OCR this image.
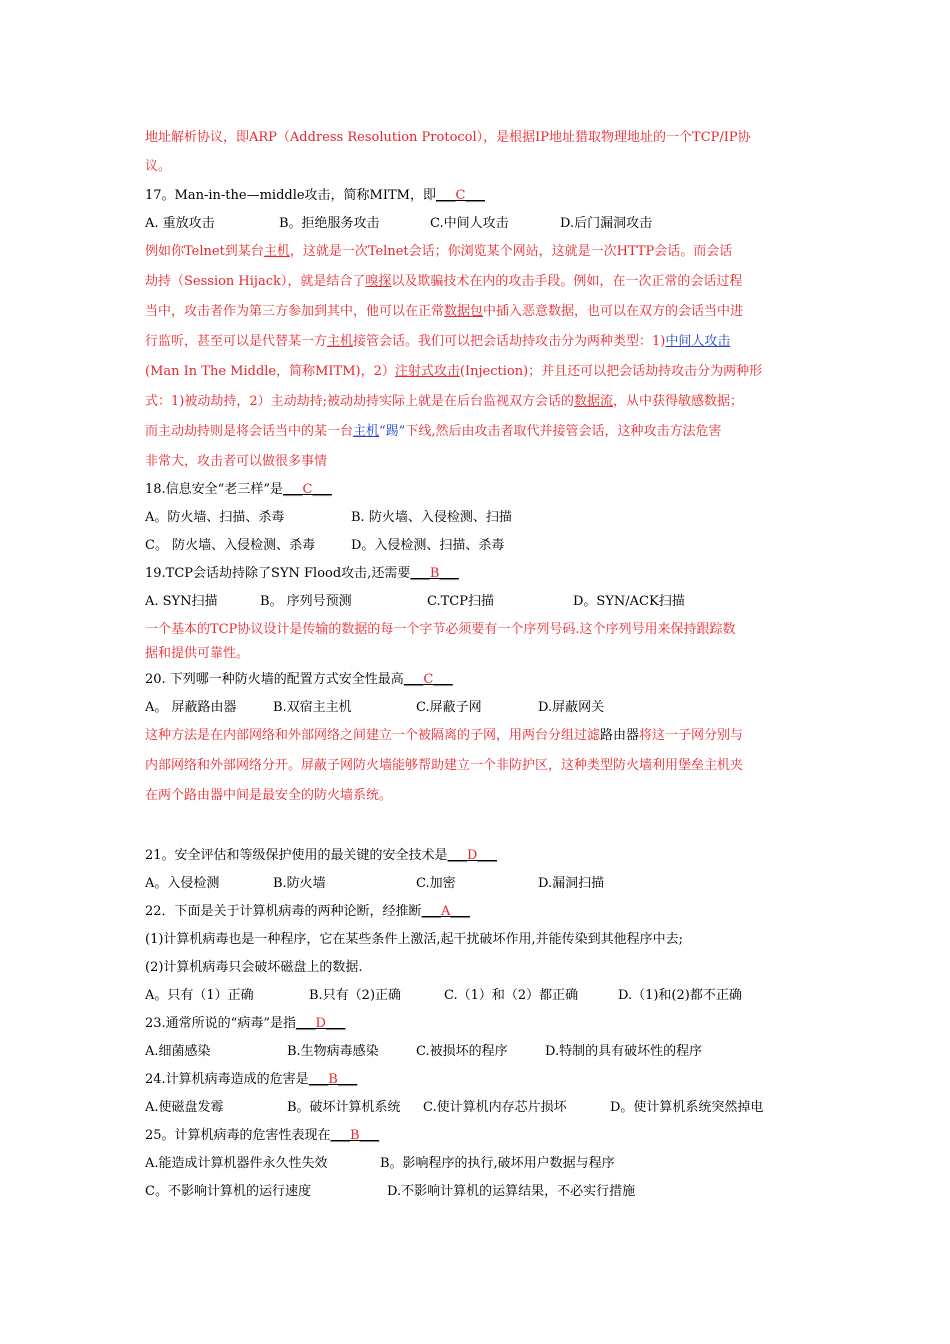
地址解析协议，即ARP（Address Resolution Protocol），是根据IP地址猎取物理地址的一个TCP/IP协
议。
17。Man-in-the—middle攻击，简称MITM，即___C___
A. 重放攻击	B。拒绝服务攻击	C.中间人攻击	D.后门漏洞攻击
例如你Telnet到某台主机，这就是一次Telnet会话；你浏览某个网站，这就是一次HTTP会话。而会话
劫持（Session Hijack），就是结合了嗅探以及欺骗技术在内的攻击手段。例如，在一次正常的会话过程
当中，攻击者作为第三方参加到其中，他可以在正常数据包中插入恶意数据，也可以在双方的会话当中进
行监听，甚至可以是代替某一方主机接管会话。我们可以把会话劫持攻击分为两种类型：1)中间人攻击
(Man In The Middle，简称MITM)，2）注射式攻击(Injection)；并且还可以把会话劫持攻击分为两种形
式：1)被动劫持，2）主动劫持;被动劫持实际上就是在后台监视双方会话的数据流，从中获得敏感数据；
而主动劫持则是将会话当中的某一台主机“踢”下线,然后由攻击者取代并接管会话，这种攻击方法危害
非常大，攻击者可以做很多事情
18.信息安全“老三样”是___C___
A。防火墙、扫描、杀毒	B. 防火墙、入侵检测、扫描
C。 防火墙、入侵检测、杀毒	D。入侵检测、扫描、杀毒
19.TCP会话劫持除了SYN Flood攻击,还需要___B___
A. SYN扫描	B。 序列号预测	C.TCP扫描	D。SYN/ACK扫描
一个基本的TCP协议设计是传输的数据的每一个字节必须要有一个序列号码.这个序列号用来保持跟踪数
据和提供可靠性。
20. 下列哪一种防火墙的配置方式安全性最高___C___
A。 屏蔽路由器	B.双宿主主机	C.屏蔽子网	D.屏蔽网关
这种方法是在内部网络和外部网络之间建立一个被隔离的子网，用两台分组过滤路由器将这一子网分别与
内部网络和外部网络分开。屏蔽子网防火墙能够帮助建立一个非防护区，这种类型防火墙利用堡垒主机夹
在两个路由器中间是最安全的防火墙系统。
21。安全评估和等级保护使用的最关键的安全技术是___D___
A。入侵检测	B.防火墙	C.加密	D.漏洞扫描
22．下面是关于计算机病毒的两种论断，经推断___A___
(1)计算机病毒也是一种程序，它在某些条件上激活,起干扰破坏作用,并能传染到其他程序中去;
(2)计算机病毒只会破坏磁盘上的数据.
A。只有（1）正确	B.只有（2)正确	C.（1）和（2）都正确	D.（1)和(2)都不正确
23.通常所说的“病毒”是指___D___
A.细菌感染	B.生物病毒感染	C.被损坏的程序	D.特制的具有破坏性的程序
24.计算机病毒造成的危害是___B___
A.使磁盘发霉	B。破坏计算机系统 C.使计算机内存芯片损坏	D。使计算机系统突然掉电
25。计算机病毒的危害性表现在___B___
A.能造成计算机器件永久性失效	B。影响程序的执行,破坏用户数据与程序
C。不影响计算机的运行速度	D.不影响计算机的运算结果，不必实行措施
